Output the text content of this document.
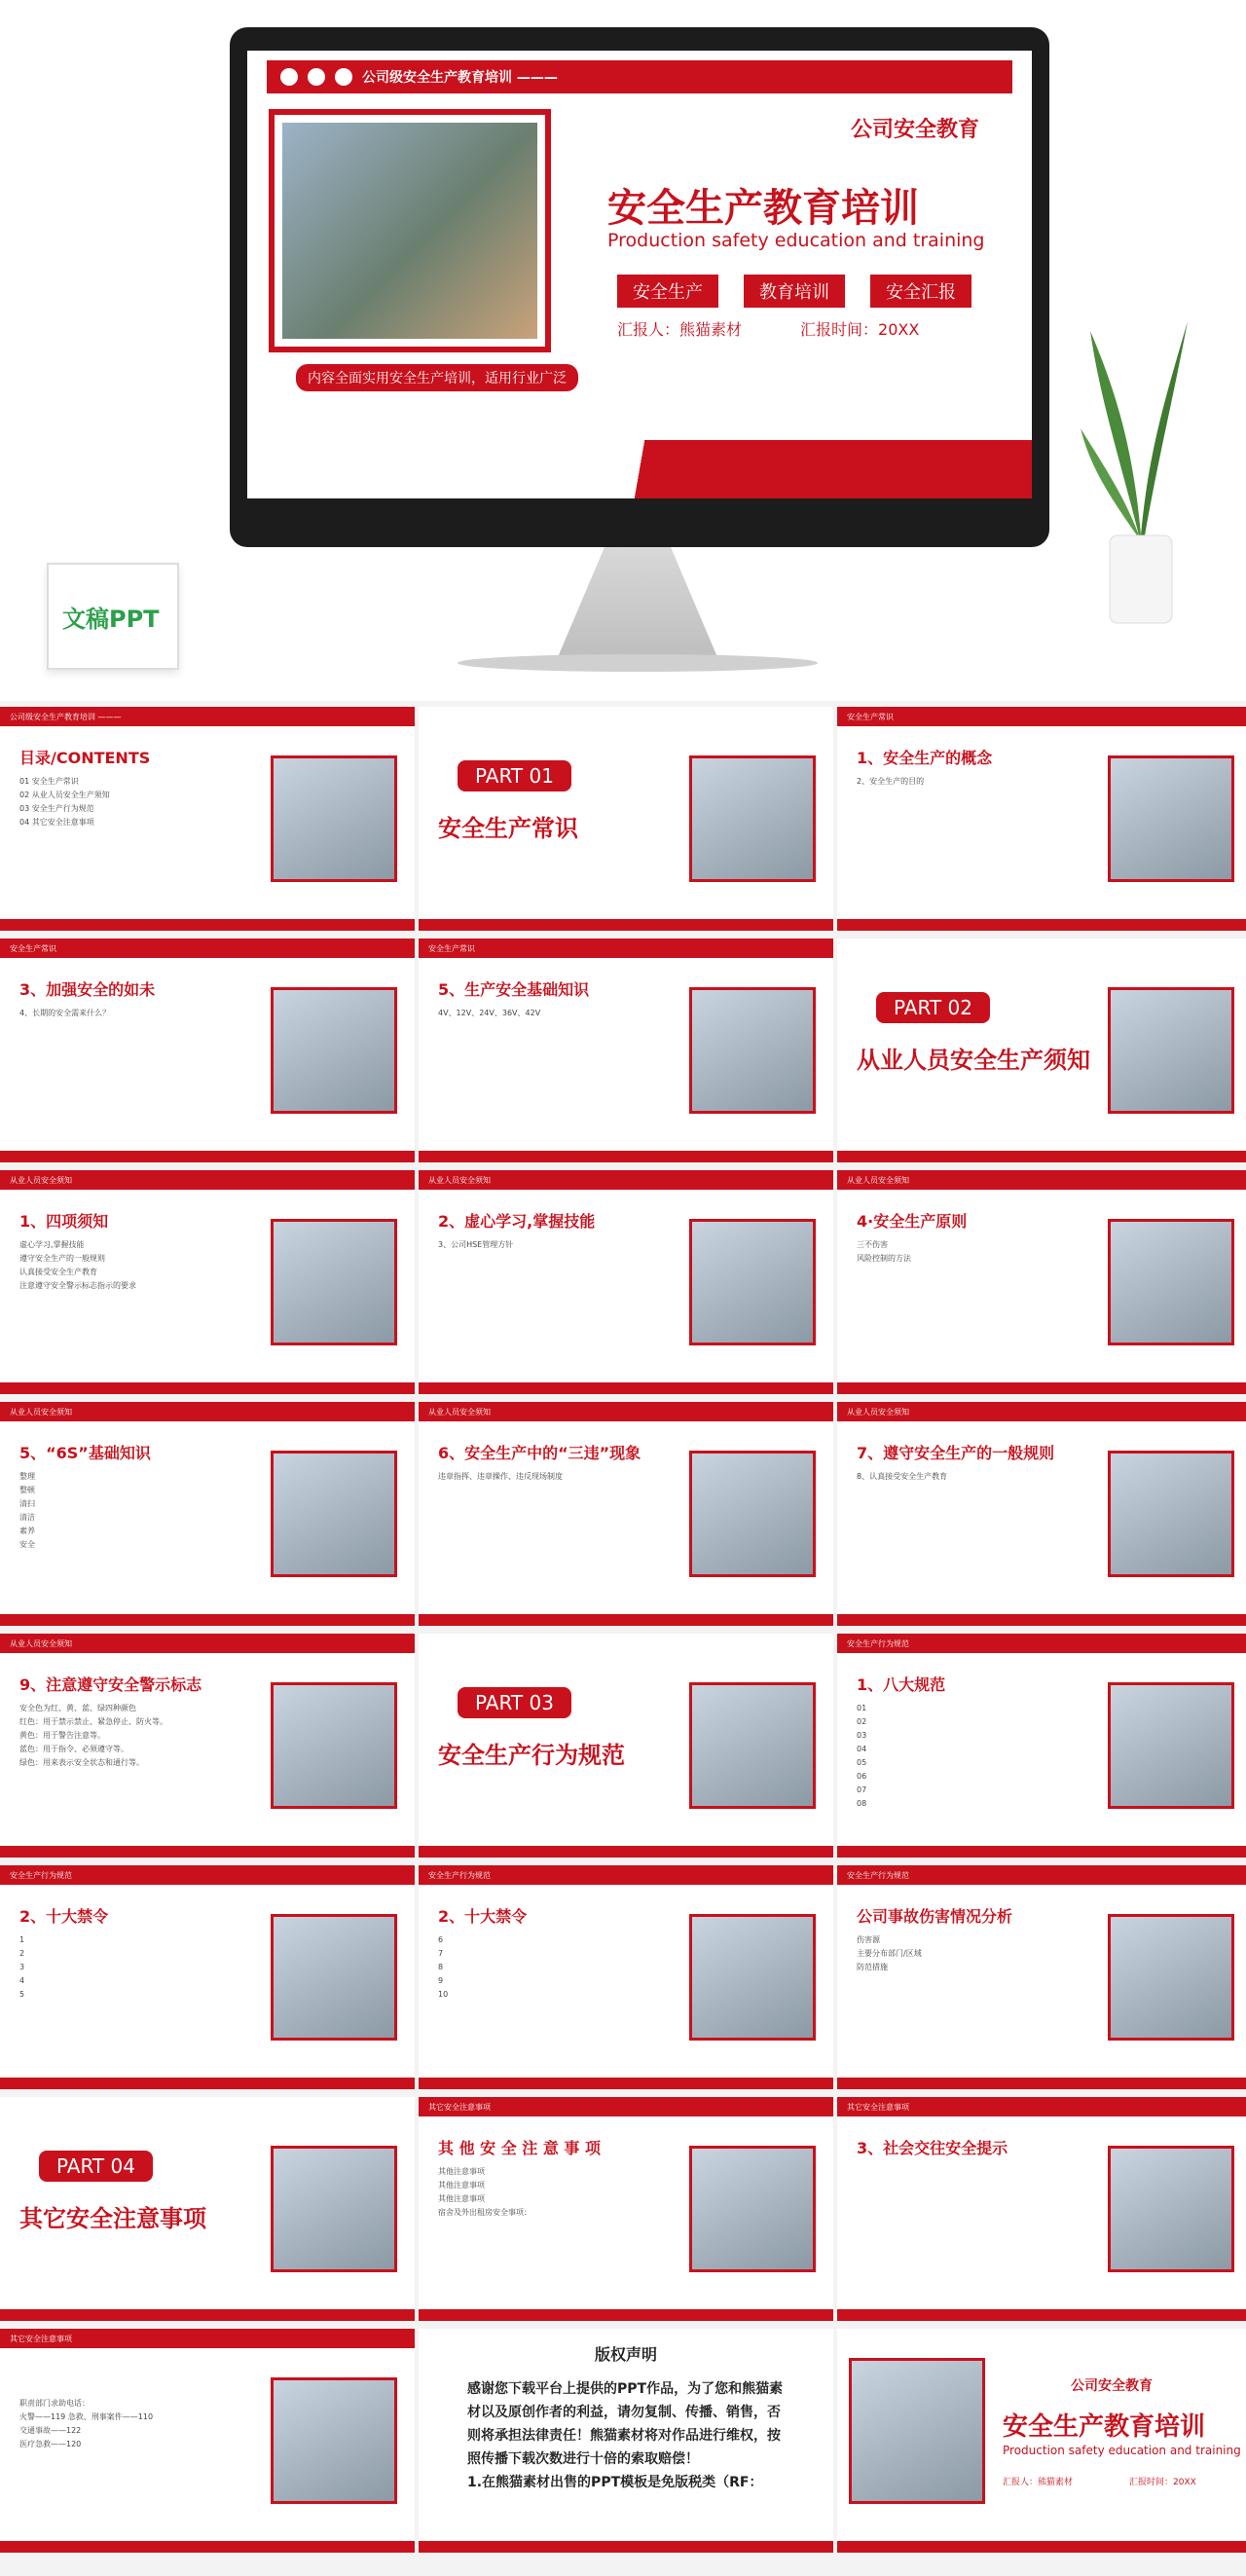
公司级安全生产教育培训 ———
公司安全教育
安全生产教育培训
Production safety education and training
安全生产	教育培训	安全汇报
汇报人：熊猫素材	汇报时间：20XX
内容全面实用安全生产培训，适用行业广泛
文稿PPT
公司级安全生产教育培训 ———
目录/CONTENTS
01 安全生产常识
02 从业人员安全生产须知
03 安全生产行为规范
04 其它安全注意事项
PART 01
安全生产常识
安全生产常识
1、安全生产的概念
2、安全生产的目的
安全生产常识
3、加强安全的如未
4、长期的安全需来什么？
安全生产常识
5、生产安全基础知识
4V、12V、24V、36V、42V	PART 02
从业人员安全生产须知
从业人员安全须知
1、四项须知
虚心学习,掌握技能
遵守安全生产的一般规则
认真接受安全生产教育
注意遵守安全警示标志指示的要求
从业人员安全须知
2、虚心学习,掌握技能
3、公司HSE管理方针
从业人员安全须知
4·安全生产原则
三不伤害
风险控制的方法
从业人员安全须知
5、“6S”基础知识
整理
整顿
清扫
清洁
素养
安全
从业人员安全须知
6、安全生产中的“三违”现象
违章指挥、违章操作、违反现场制度
从业人员安全须知
7、遵守安全生产的一般规则
8、认真接受安全生产教育
从业人员安全须知
9、注意遵守安全警示标志
安全色为红、黄、蓝、绿四种颜色
红色：用于禁示禁止、紧急停止、防火等。
黄色：用于警告注意等。
蓝色：用于指令、必须遵守等。
绿色：用来表示安全状态和通行等。
PART 03
安全生产行为规范
安全生产行为规范
1、八大规范
01
02
03
04
05
06
07
08
安全生产行为规范
2、十大禁令
1
2
3
4
5
安全生产行为规范
2、十大禁令
6
7
8
9
10
安全生产行为规范
公司事故伤害情况分析
伤害源
主要分布部门/区域
防范措施
PART 04
其它安全注意事项
其它安全注意事项
其 他 安 全 注 意 事 项
其他注意事项
其他注意事项
其他注意事项
宿舍及外出租房安全事项：
其它安全注意事项
3、社会交往安全提示
其它安全注意事项
职责部门求助电话：
火警——119 急救、刑事案件——110
交通事故——122
医疗急救——120
版权声明
感谢您下载平台上提供的PPT作品，为了您和熊猫素材以及原创作者的利益，请勿复制、传播、销售，否则将承担法律责任！熊猫素材将对作品进行维权，按照传播下载次数进行十倍的索取赔偿！
1.在熊猫素材出售的PPT模板是免版税类（RF：
安全生产教育培训
Production safety education and training
公司安全教育
汇报人：熊猫素材	汇报时间：20XX
